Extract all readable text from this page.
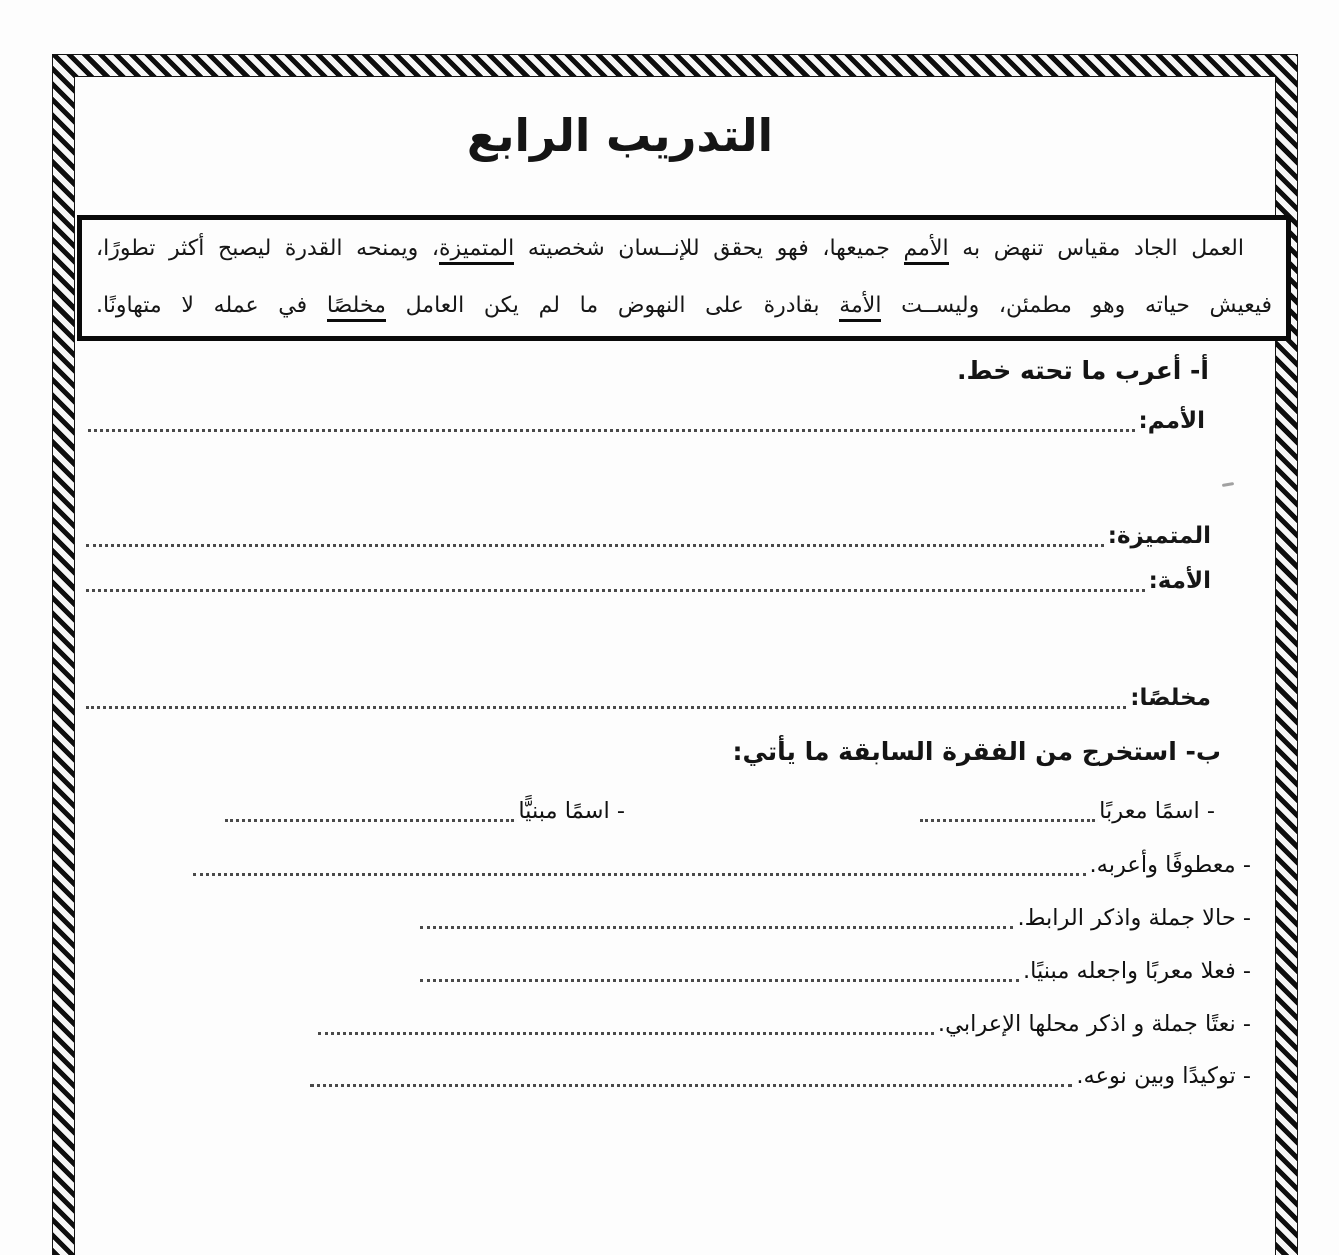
التدريب الرابع
العمل الجاد مقياس تنهض به الأمم جميعها، فهو يحقق للإنــسان شخصيته المتميزة، ويمنحه القدرة ليصبح أكثر تطورًا،
فيعيش حياته وهو مطمئن، وليســت الأمة بقادرة على النهوض ما لم يكن العامل مخلصًا في عمله لا متهاونًا.
أ- أعرب ما تحته خط.
الأمم:
المتميزة:
الأمة:
مخلصًا:
ب- استخرج من الفقرة السابقة ما يأتي:
- اسمًا معربًا
- اسمًا مبنيًّا
- معطوفًا وأعربه.
- حالا جملة واذكر الرابط.
- فعلا معربًا واجعله مبنيًا.
- نعتًا جملة و اذكر محلها الإعرابي.
- توكيدًا وبين نوعه.
